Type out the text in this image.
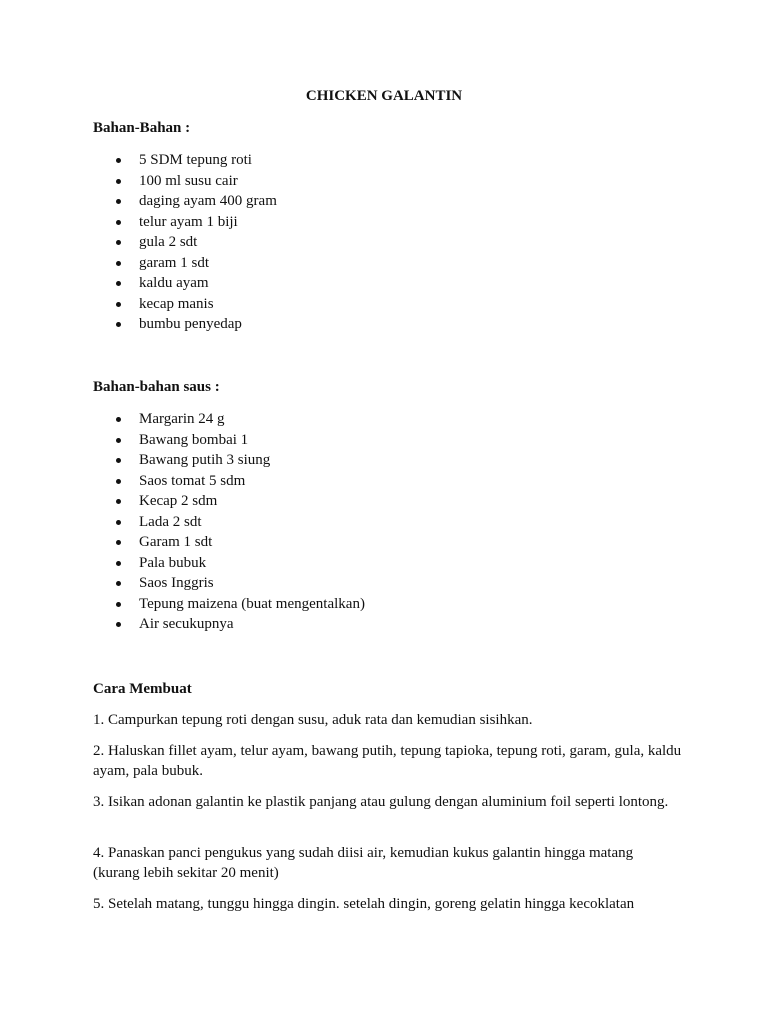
CHICKEN GALANTIN
Bahan-Bahan :
5 SDM tepung roti
100 ml susu cair
daging ayam 400 gram
telur ayam 1 biji
gula 2 sdt
garam 1 sdt
kaldu ayam
kecap manis
bumbu penyedap
Bahan-bahan saus :
Margarin 24 g
Bawang bombai 1
Bawang putih 3 siung
Saos tomat 5 sdm
Kecap 2 sdm
Lada 2 sdt
Garam 1 sdt
Pala bubuk
Saos Inggris
Tepung maizena (buat mengentalkan)
Air secukupnya
Cara Membuat

1. Campurkan tepung roti dengan susu, aduk rata dan kemudian sisihkan.

2. Haluskan fillet ayam, telur ayam, bawang putih, tepung tapioka, tepung roti, garam, gula, kaldu ayam, pala bubuk.

3. Isikan adonan galantin ke plastik panjang atau gulung dengan aluminium foil seperti lontong.

4. Panaskan panci pengukus yang sudah diisi air, kemudian kukus galantin hingga matang (kurang lebih sekitar 20 menit)

5. Setelah matang, tunggu hingga dingin. setelah dingin, goreng gelatin hingga kecoklatan
